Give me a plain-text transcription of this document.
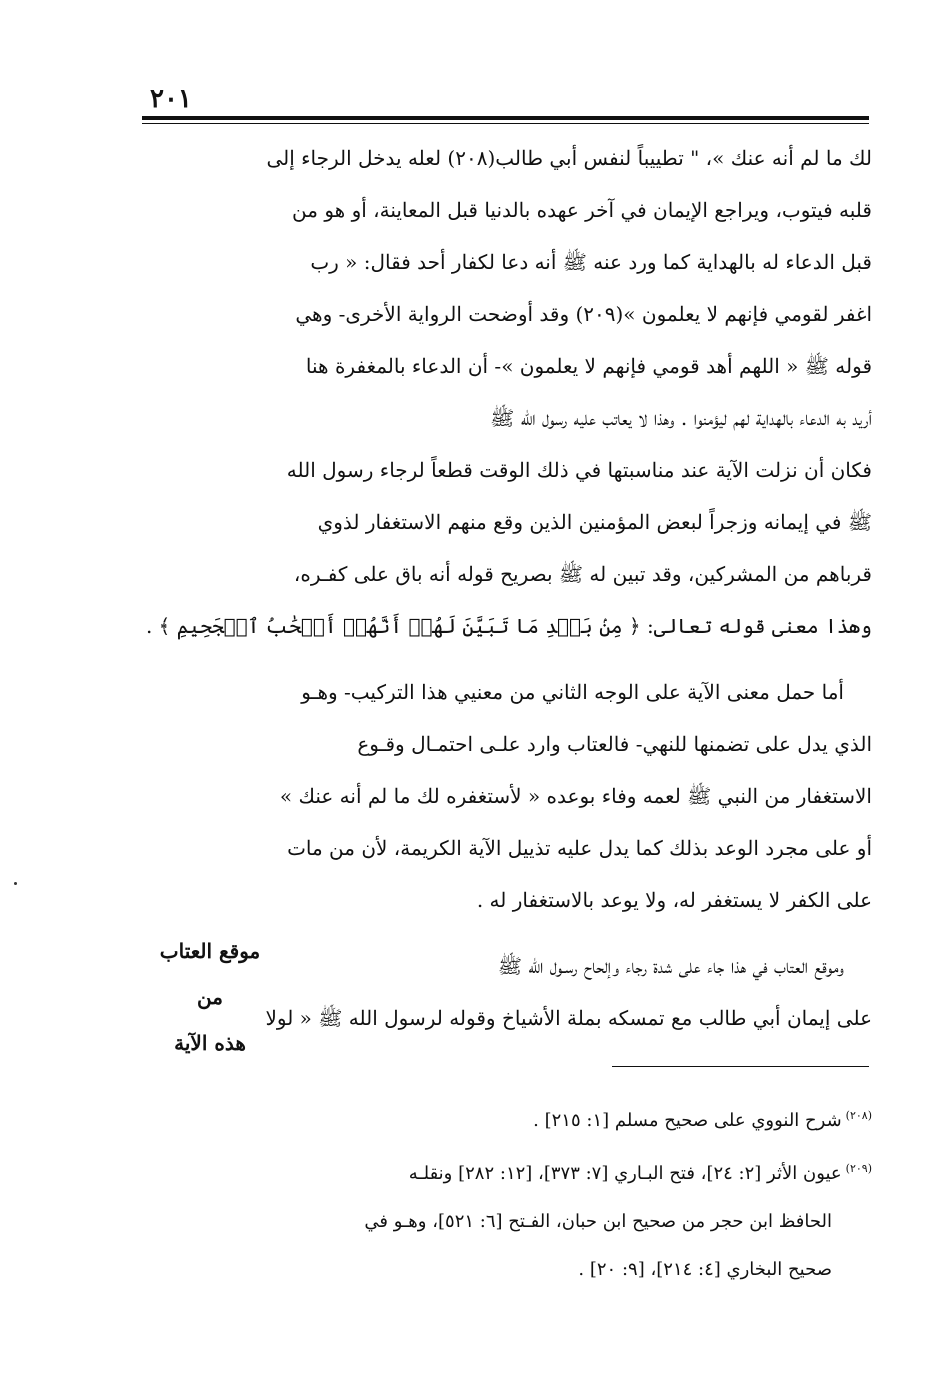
٢٠١
لك ما لم أنه عنك »، " تطييباً لنفس أبي طالب(٢٠٨) لعله يدخل الرجاء إلى
قلبه فيتوب، ويراجع الإيمان في آخر عهده بالدنيا قبل المعاينة، أو هو من
قبل الدعاء له بالهداية كما ورد عنه ﷺ أنه دعا لكفار أحد فقال: « رب
اغفر لقومي فإنهم لا يعلمون »(٢٠٩) وقد أوضحت الرواية الأخرى- وهي
قوله ﷺ « اللهم أهد قومي فإنهم لا يعلمون »- أن الدعاء بالمغفرة هنا
أريد به الدعاء بالهداية لهم ليؤمنوا . وهذا لا يعاتب عليه رسول الله ﷺ
فكان أن نزلت الآية عند مناسبتها في ذلك الوقت قطعاً لرجاء رسول الله
ﷺ في إيمانه وزجراً لبعض المؤمنين الذين وقع منهم الاستغفار لذوي
قرباهم من المشركين، وقد تبين له ﷺ بصريح قوله أنه باق على كفـره،
وهذا معنى قوله تعالى: ﴿ مِنۢ بَعۡدِ مَا تَبَيَّنَ لَهُمۡ أَنَّهُمۡ أَصۡحَٰبُ ٱلۡجَحِيمِ ﴾ .
أما حمل معنى الآية على الوجه الثاني من معنيي هذا التركيب- وهـو
الذي يدل على تضمنها للنهي- فالعتاب وارد علـى احتمـال وقـوع
الاستغفار من النبي ﷺ لعمه وفاء بوعده « لأستغفره لك ما لم أنه عنك »
أو على مجرد الوعد بذلك كما يدل عليه تذييل الآية الكريمة، لأن من مات
على الكفر لا يستغفر له، ولا يوعد بالاستغفار له .
وموقع العتاب في هذا جاء على شدة رجاء وإلحاح رسـول الله ﷺ
على إيمان أبي طالب مع تمسكه بملة الأشياخ وقوله لرسول الله ﷺ « لولا
موقع العتاب
من
هذه الآية
$^{(٢٠٨)}$شرح النووي على صحيح مسلم [١: ٢١٥] .
$^{(٢٠٩)}$عيون الأثر [٢: ٢٤]، فتح البـاري [٧: ٣٧٣]، [١٢: ٢٨٢] ونقلـه
الحافظ ابن حجر من صحيح ابن حبان، الفـتح [٦: ٥٢١]، وهـو في
صحيح البخاري [٤: ٢١٤]، [٩: ٢٠] .
